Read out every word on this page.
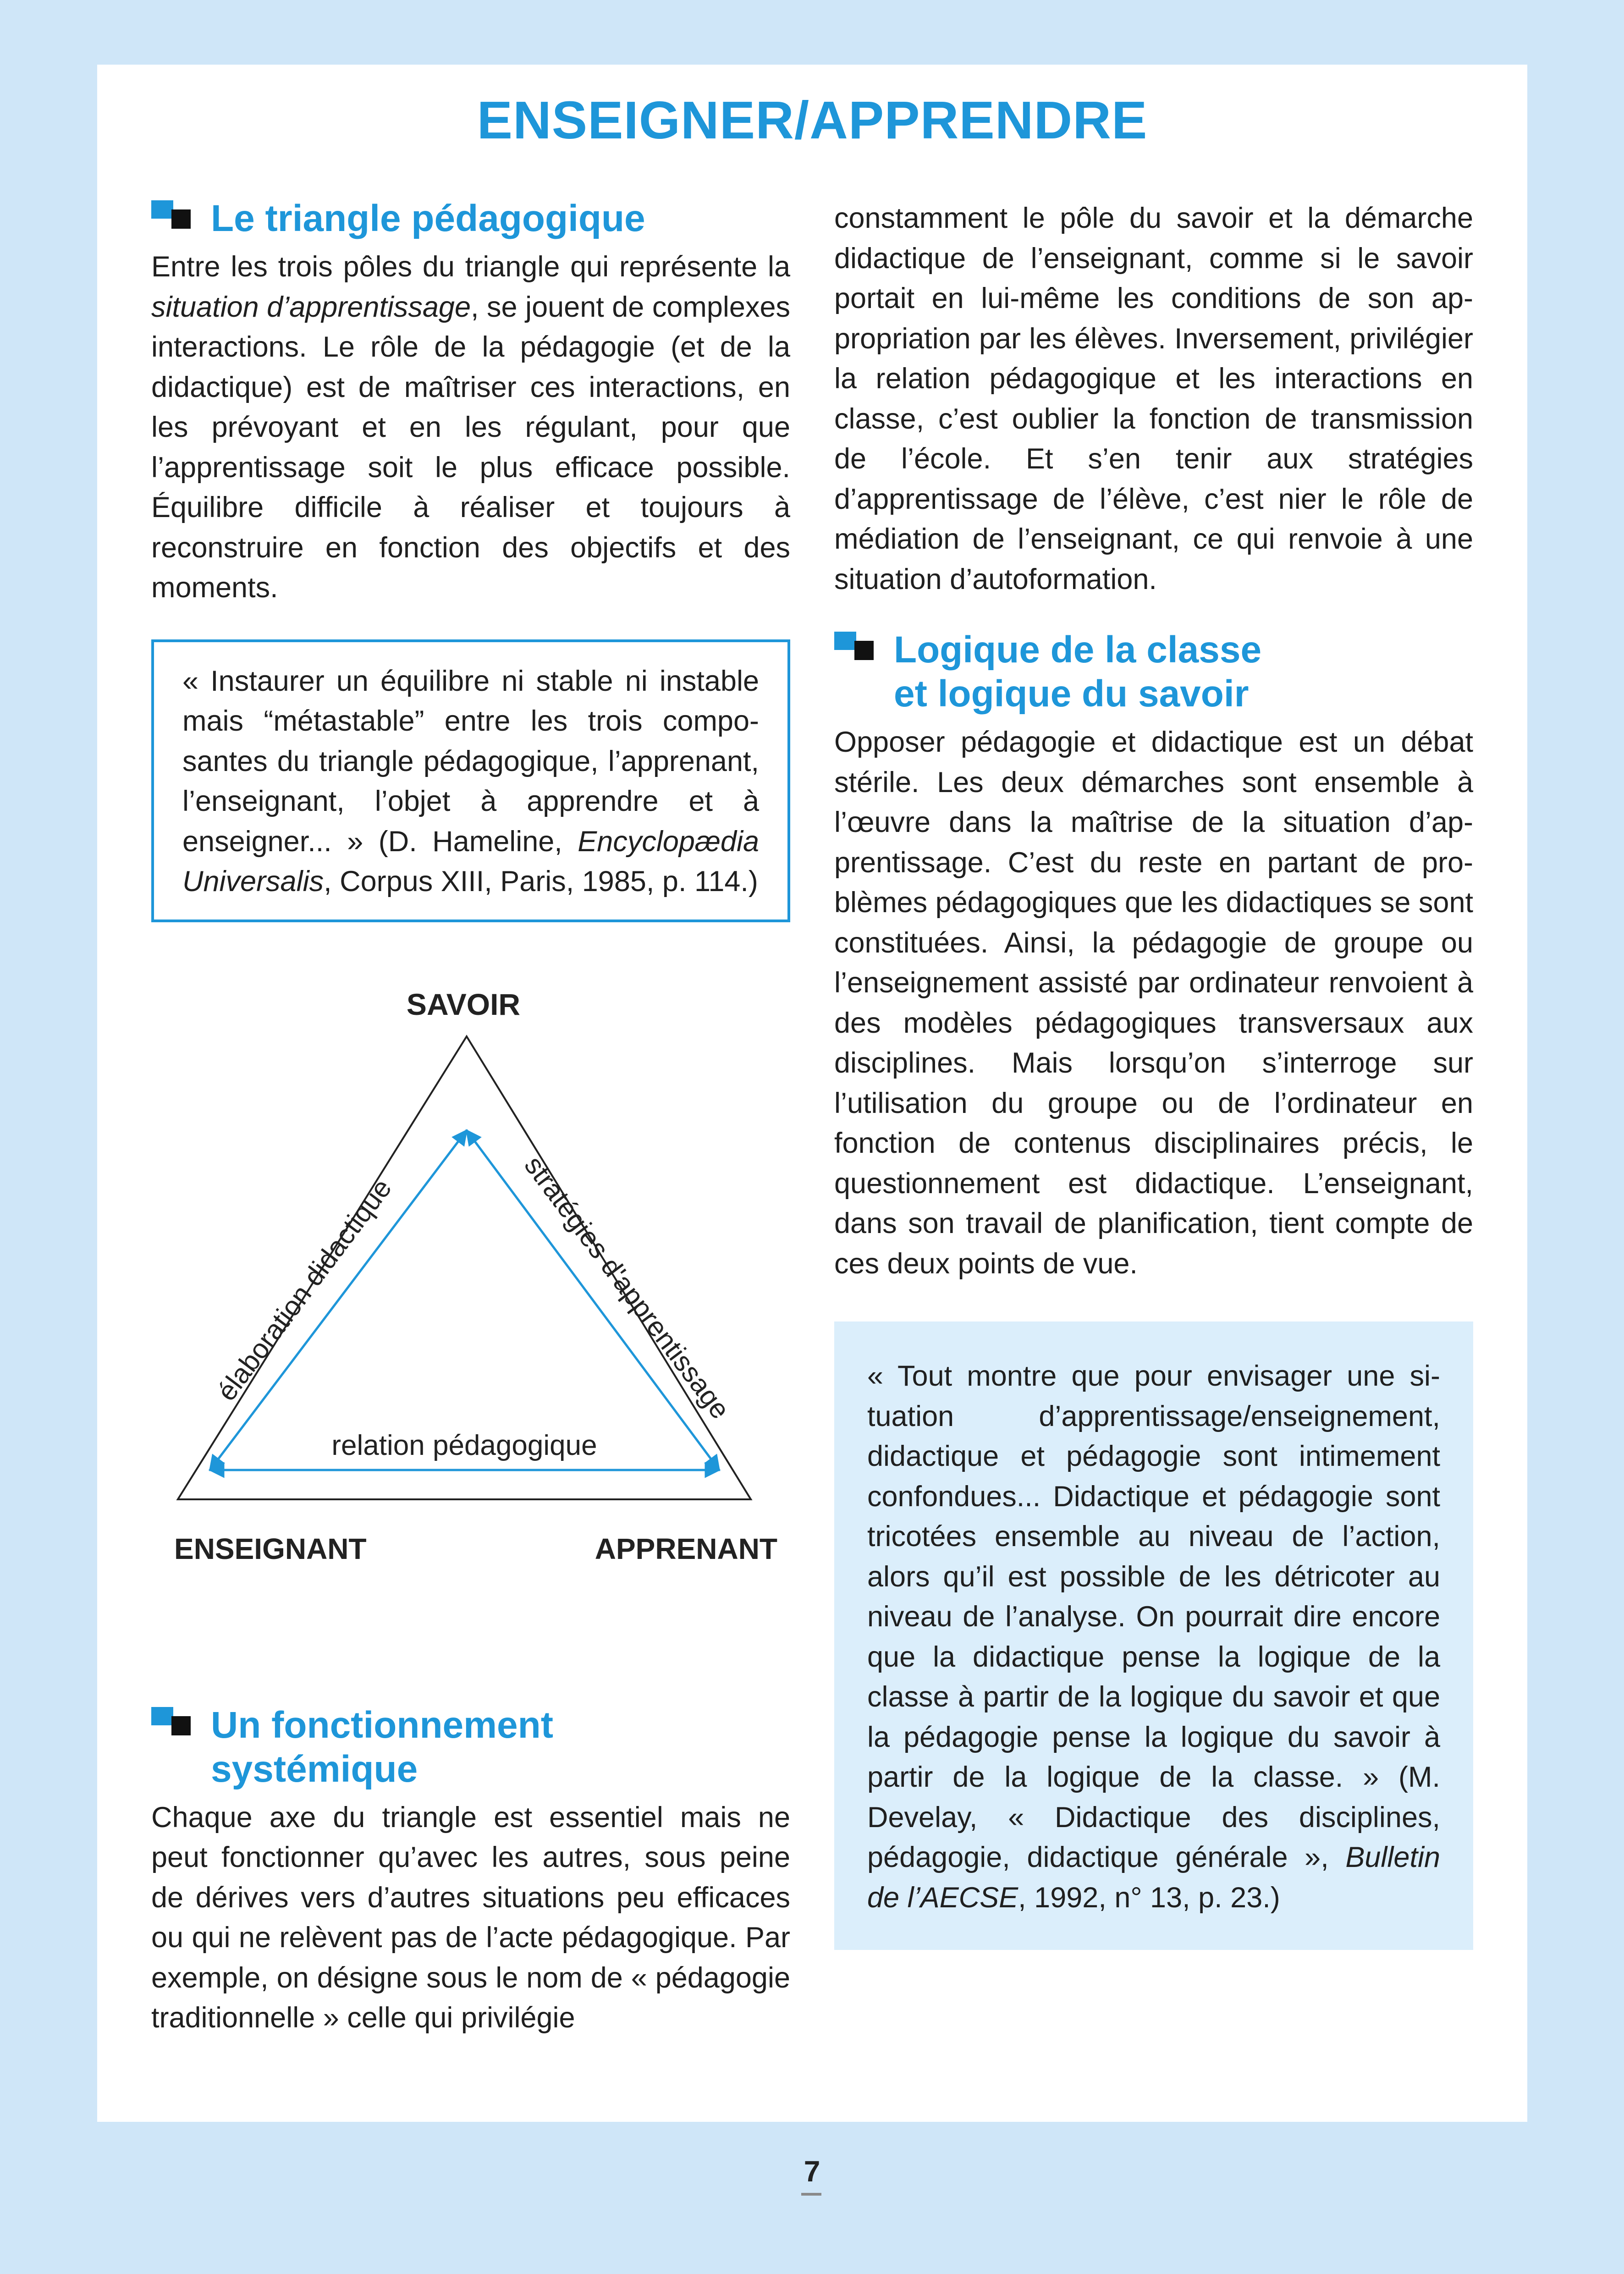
ENSEIGNER/APPRENDRE
Le triangle pédagogique

Entre les trois pôles du triangle qui représente la situation d’apprentissage, se jouent de complexes interactions. Le rôle de la pédagogie (et de la didactique) est de maîtriser ces interactions, en les prévoyant et en les régulant, pour que l’apprentissage soit le plus efficace possible. Équilibre difficile à réaliser et toujours à reconstruire en fonction des objectifs et des moments.

« Instaurer un équilibre ni stable ni instable mais “métastable” entre les trois composantes du triangle pédagogique, l’apprenant, l’enseignant, l’objet à apprendre et à enseigner... » (D. Hameline, Encyclopædia Universalis, Corpus XIII, Paris, 1985, p. 114.)

SAVOIR
relation pédagogique
élaboration didactique	stratégies d'apprentissage
ENSEIGNANT	APPRENANT
Un fonctionnement
systémique

Chaque axe du triangle est essentiel mais ne peut fonctionner qu’avec les autres, sous peine de dérives vers d’autres situations peu efficaces ou qui ne relèvent pas de l’acte pédagogique. Par exemple, on désigne sous le nom de « pédagogie traditionnelle » celle qui privilégie

constamment le pôle du savoir et la démarche didactique de l’enseignant, comme si le savoir portait en lui-même les conditions de son appropriation par les élèves. Inversement, privilégier la relation pédagogique et les interactions en classe, c’est oublier la fonction de transmission de l’école. Et s’en tenir aux stratégies d’apprentissage de l’élève, c’est nier le rôle de médiation de l’enseignant, ce qui renvoie à une situation d’autoformation.

Logique de la classe
et logique du savoir

Opposer pédagogie et didactique est un débat stérile. Les deux démarches sont ensemble à l’œuvre dans la maîtrise de la situation d’apprentissage. C’est du reste en partant de problèmes pédagogiques que les didactiques se sont constituées. Ainsi, la pédagogie de groupe ou l’enseignement assisté par ordinateur renvoient à des modèles pédagogiques transversaux aux disciplines. Mais lorsqu’on s’interroge sur l’utilisation du groupe ou de l’ordinateur en fonction de contenus disciplinaires précis, le questionnement est didactique. L’enseignant, dans son travail de planification, tient compte de ces deux points de vue.

« Tout montre que pour envisager une situation d’apprentissage/enseignement, didactique et pédagogie sont intimement confondues... Didactique et pédagogie sont tricotées ensemble au niveau de l’action, alors qu’il est possible de les détricoter au niveau de l’analyse. On pourrait dire encore que la didactique pense la logique de la classe à partir de la logique du savoir et que la pédagogie pense la logique du savoir à partir de la logique de la classe. » (M. Develay, « Didactique des disciplines, pédagogie, didactique générale », Bulletin de l’AECSE, 1992, n° 13, p. 23.)

7
